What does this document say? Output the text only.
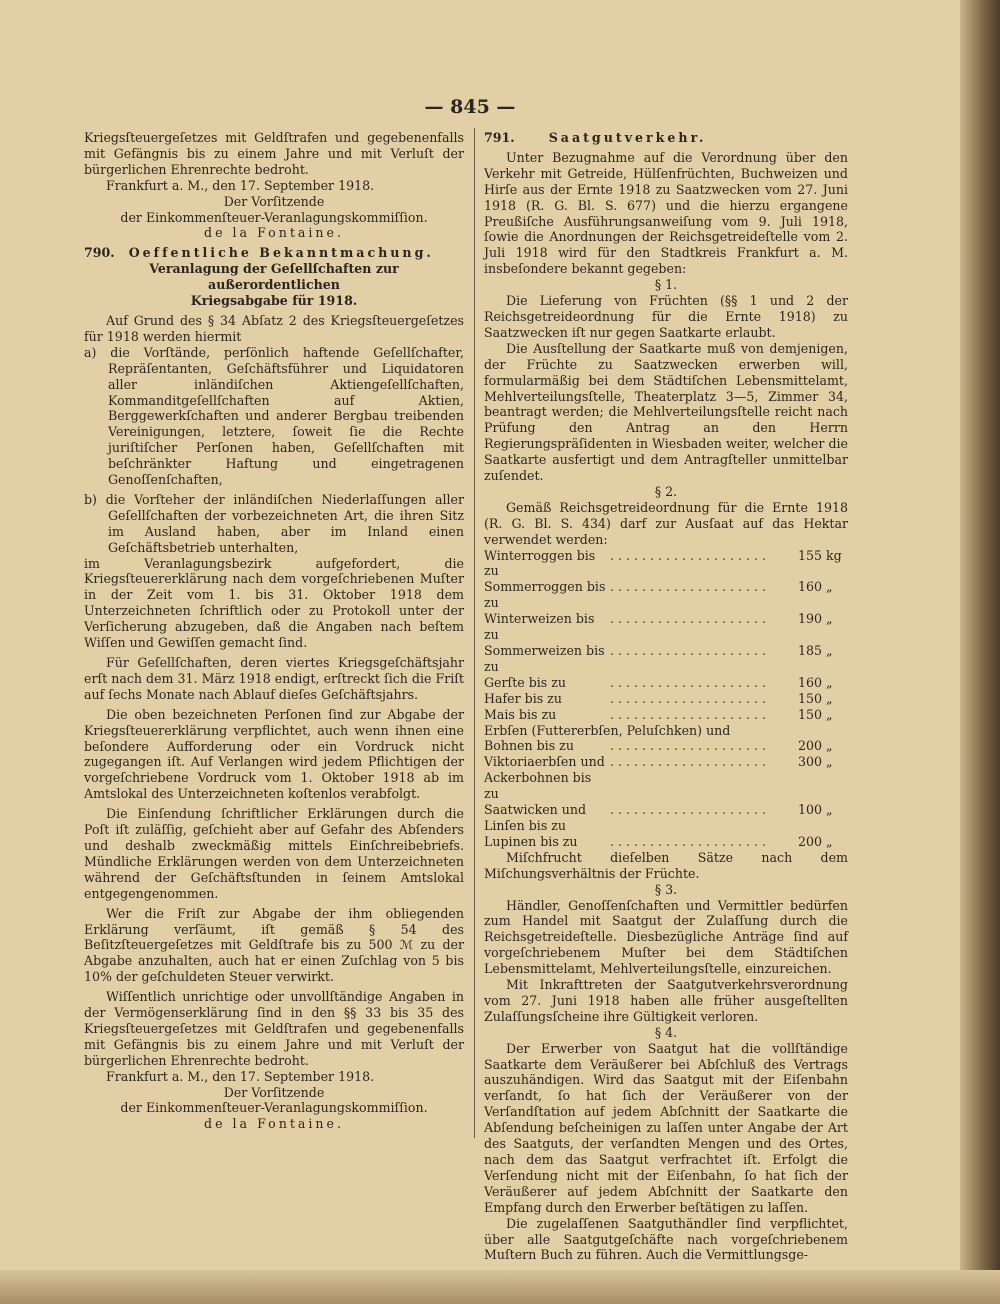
— 845 —

Kriegsſteuergeſetzes mit Geldſtrafen und gegebenenfalls mit Gefängnis bis zu einem Jahre und mit Verluſt der bürgerlichen Ehrenrechte bedroht.

Frankfurt a. M., den 17. September 1918.

Der Vorſitzende

der Einkommenſteuer-Veranlagungskommiſſion.

de la Fontaine.

790. Oeffentliche Bekanntmachung.

Veranlagung der Geſellſchaften zur außerordentlichen

Kriegsabgabe für 1918.

Auf Grund des § 34 Abſatz 2 des Kriegsſteuergeſetzes für 1918 werden hiermit

a) die Vorſtände, perſönlich haftende Geſellſchafter, Repräſentanten, Geſchäftsführer und Liquidatoren aller inländiſchen Aktiengeſellſchaften, Kommanditgeſellſchaften auf Aktien, Berggewerkſchaften und anderer Bergbau treibenden Vereinigungen, letztere, ſoweit ſie die Rechte juriſtiſcher Perſonen haben, Geſellſchaften mit beſchränkter Haftung und eingetragenen Genoſſenſchaften,

b) die Vorſteher der inländiſchen Niederlaſſungen aller Geſellſchaften der vorbezeichneten Art, die ihren Sitz im Ausland haben, aber im Inland einen Geſchäftsbetrieb unterhalten,

im Veranlagungsbezirk aufgefordert, die Kriegsſteuererklärung nach dem vorgeſchriebenen Muſter in der Zeit vom 1. bis 31. Oktober 1918 dem Unterzeichneten ſchriftlich oder zu Protokoll unter der Verſicherung abzugeben, daß die Angaben nach beſtem Wiſſen und Gewiſſen gemacht ſind.

Für Geſellſchaften, deren viertes Kriegsgeſchäftsjahr erſt nach dem 31. März 1918 endigt, erſtreckt ſich die Friſt auf ſechs Monate nach Ablauf dieſes Geſchäftsjahrs.

Die oben bezeichneten Perſonen ſind zur Abgabe der Kriegsſteuererklärung verpflichtet, auch wenn ihnen eine beſondere Aufforderung oder ein Vordruck nicht zugegangen iſt. Auf Verlangen wird jedem Pflichtigen der vorgeſchriebene Vordruck vom 1. Oktober 1918 ab im Amtslokal des Unterzeichneten koſtenlos verabfolgt.

Die Einſendung ſchriftlicher Erklärungen durch die Poſt iſt zuläſſig, geſchieht aber auf Gefahr des Abſenders und deshalb zweckmäßig mittels Einſchreibebriefs. Mündliche Erklärungen werden von dem Unterzeichneten während der Geſchäftsſtunden in ſeinem Amtslokal entgegengenommen.

Wer die Friſt zur Abgabe der ihm obliegenden Erklärung verſäumt, iſt gemäß § 54 des Beſitzſteuergeſetzes mit Geldſtrafe bis zu 500 ℳ zu der Abgabe anzuhalten, auch hat er einen Zuſchlag von 5 bis 10% der geſchuldeten Steuer verwirkt.

Wiſſentlich unrichtige oder unvollſtändige Angaben in der Vermögenserklärung ſind in den §§ 33 bis 35 des Kriegsſteuergeſetzes mit Geldſtrafen und gegebenenfalls mit Gefängnis bis zu einem Jahre und mit Verluſt der bürgerlichen Ehrenrechte bedroht.

Frankfurt a. M., den 17. September 1918.

Der Vorſitzende

der Einkommenſteuer-Veranlagungskommiſſion.

de la Fontaine.

791.	Saatgutverkehr.

Unter Bezugnahme auf die Verordnung über den Verkehr mit Getreide, Hülſenfrüchten, Buchweizen und Hirſe aus der Ernte 1918 zu Saatzwecken vom 27. Juni 1918 (R. G. Bl. S. 677) und die hierzu ergangene Preußiſche Ausführungsanweiſung vom 9. Juli 1918, ſowie die Anordnungen der Reichsgetreideſtelle vom 2. Juli 1918 wird für den Stadtkreis Frankfurt a. M. insbeſondere bekannt gegeben:

§ 1.

Die Lieferung von Früchten (§§ 1 und 2 der Reichsgetreideordnung für die Ernte 1918) zu Saatzwecken iſt nur gegen Saatkarte erlaubt.

Die Ausſtellung der Saatkarte muß von demjenigen, der Früchte zu Saatzwecken erwerben will, formularmäßig bei dem Städtiſchen Lebensmittelamt, Mehlverteilungsſtelle, Theaterplatz 3—5, Zimmer 34, beantragt werden; die Mehlverteilungsſtelle reicht nach Prüfung den Antrag an den Herrn Regierungspräſidenten in Wiesbaden weiter, welcher die Saatkarte ausfertigt und dem Antragſteller unmittelbar zuſendet.

§ 2.

Gemäß Reichsgetreideordnung für die Ernte 1918 (R. G. Bl. S. 434) darf zur Ausſaat auf das Hektar verwendet werden:

Winterroggen bis zu	. . . . . . . . . . . . . . . . . . . .	155	kg
Sommerroggen bis zu	. . . . . . . . . . . . . . . . . . . .	160	„
Winterweizen bis zu	. . . . . . . . . . . . . . . . . . . .	190	„
Sommerweizen bis zu	. . . . . . . . . . . . . . . . . . . .	185	„
Gerſte bis zu	. . . . . . . . . . . . . . . . . . . .	160	„
Hafer bis zu	. . . . . . . . . . . . . . . . . . . .	150	„
Mais bis zu	. . . . . . . . . . . . . . . . . . . .	150	„
Erbſen (Futtererbſen, Peluſchken) und			
Bohnen bis zu	. . . . . . . . . . . . . . . . . . . .	200	„
Viktoriaerbſen und Ackerbohnen bis zu	. . . . . . . . . . . . . . . . . . . .	300	„
Saatwicken und Linſen bis zu	. . . . . . . . . . . . . . . . . . . .	100	„
Lupinen bis zu	. . . . . . . . . . . . . . . . . . . .	200	„

Miſchfrucht dieſelben Sätze nach dem Miſchungsverhältnis der Früchte.

§ 3.

Händler, Genoſſenſchaften und Vermittler bedürfen zum Handel mit Saatgut der Zulaſſung durch die Reichsgetreideſtelle. Diesbezügliche Anträge ſind auf vorgeſchriebenem Muſter bei dem Städtiſchen Lebensmittelamt, Mehlverteilungsſtelle, einzureichen.

Mit Inkrafttreten der Saatgutverkehrsverordnung vom 27. Juni 1918 haben alle früher ausgeſtellten Zulaſſungsſcheine ihre Gültigkeit verloren.

§ 4.

Der Erwerber von Saatgut hat die vollſtändige Saatkarte dem Veräußerer bei Abſchluß des Vertrags auszuhändigen. Wird das Saatgut mit der Eiſenbahn verſandt, ſo hat ſich der Veräußerer von der Verſandſtation auf jedem Abſchnitt der Saatkarte die Abſendung beſcheinigen zu laſſen unter Angabe der Art des Saatguts, der verſandten Mengen und des Ortes, nach dem das Saatgut verfrachtet iſt. Erfolgt die Verſendung nicht mit der Eiſenbahn, ſo hat ſich der Veräußerer auf jedem Abſchnitt der Saatkarte den Empfang durch den Erwerber beſtätigen zu laſſen.

Die zugelaſſenen Saatguthändler ſind verpflichtet, über alle Saatgutgeſchäfte nach vorgeſchriebenem Muſtern Buch zu führen. Auch die Vermittlungsge-
